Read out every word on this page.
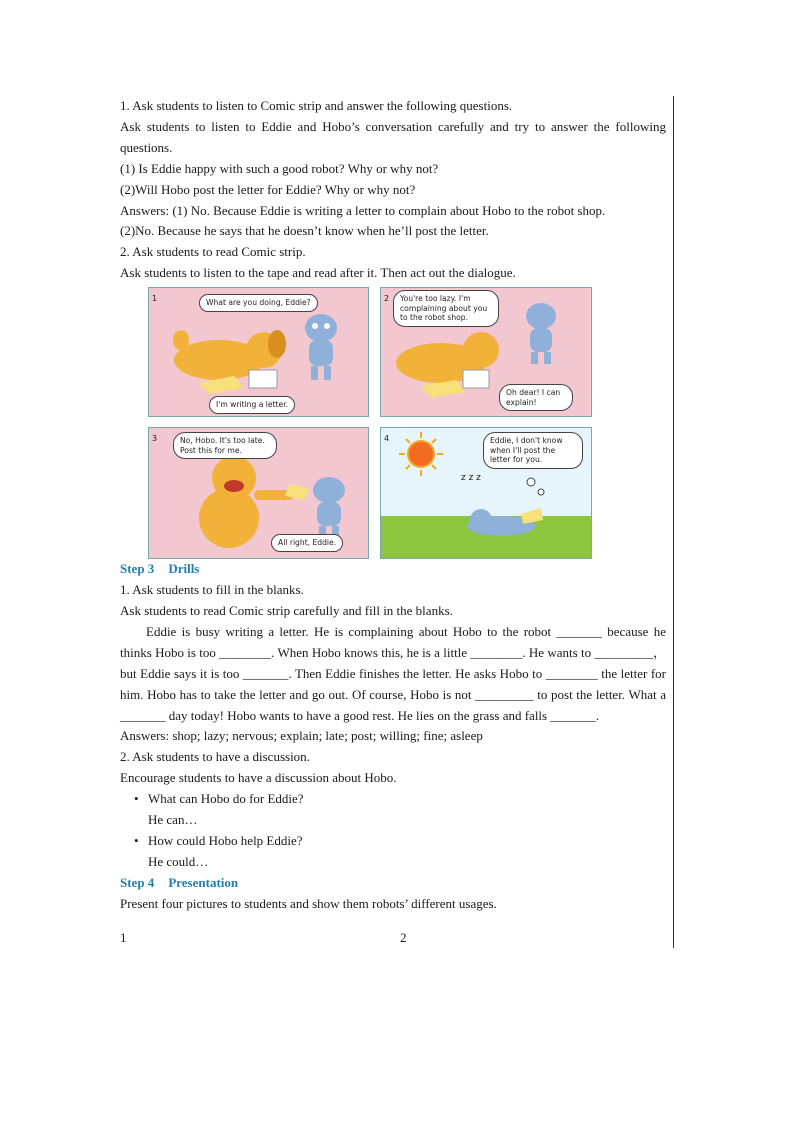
1. Ask students to listen to Comic strip and answer the following questions.
Ask students to listen to Eddie and Hobo’s conversation carefully and try to answer the following questions.
(1) Is Eddie happy with such a good robot? Why or why not?
(2)Will Hobo post the letter for Eddie? Why or why not?
Answers: (1) No. Because Eddie is writing a letter to complain about Hobo to the robot shop.
(2)No. Because he says that he doesn’t know when he’ll post the letter.
2. Ask students to read Comic strip.
Ask students to listen to the tape and read after it. Then act out the dialogue.
1	What are you doing, Eddie?
I'm writing a letter.
2	You're too lazy. I'm complaining about you to the robot shop.
Oh dear! I can explain!
3	No, Hobo. It's too late. Post this for me.
All right, Eddie.
4
z z z
Eddie, I don't know when I'll post the letter for you.
Step 3 Drills
1. Ask students to fill in the blanks.
Ask students to read Comic strip carefully and fill in the blanks.
Eddie is busy writing a letter. He is complaining about Hobo to the robot _______ because he thinks Hobo is too ________. When Hobo knows this, he is a little ________. He wants to _________， but Eddie says it is too _______. Then Eddie finishes the letter. He asks Hobo to ________ the letter for him. Hobo has to take the letter and go out. Of course, Hobo is not _________ to post the letter. What a _______ day today! Hobo wants to have a good rest. He lies on the grass and falls _______.
Answers: shop; lazy; nervous; explain; late; post; willing; fine; asleep
2. Ask students to have a discussion.
Encourage students to have a discussion about Hobo.
• What can Hobo do for Eddie?
He can…
• How could Hobo help Eddie?
He could…
Step 4 Presentation
Present four pictures to students and show them robots’ different usages.
1	2
